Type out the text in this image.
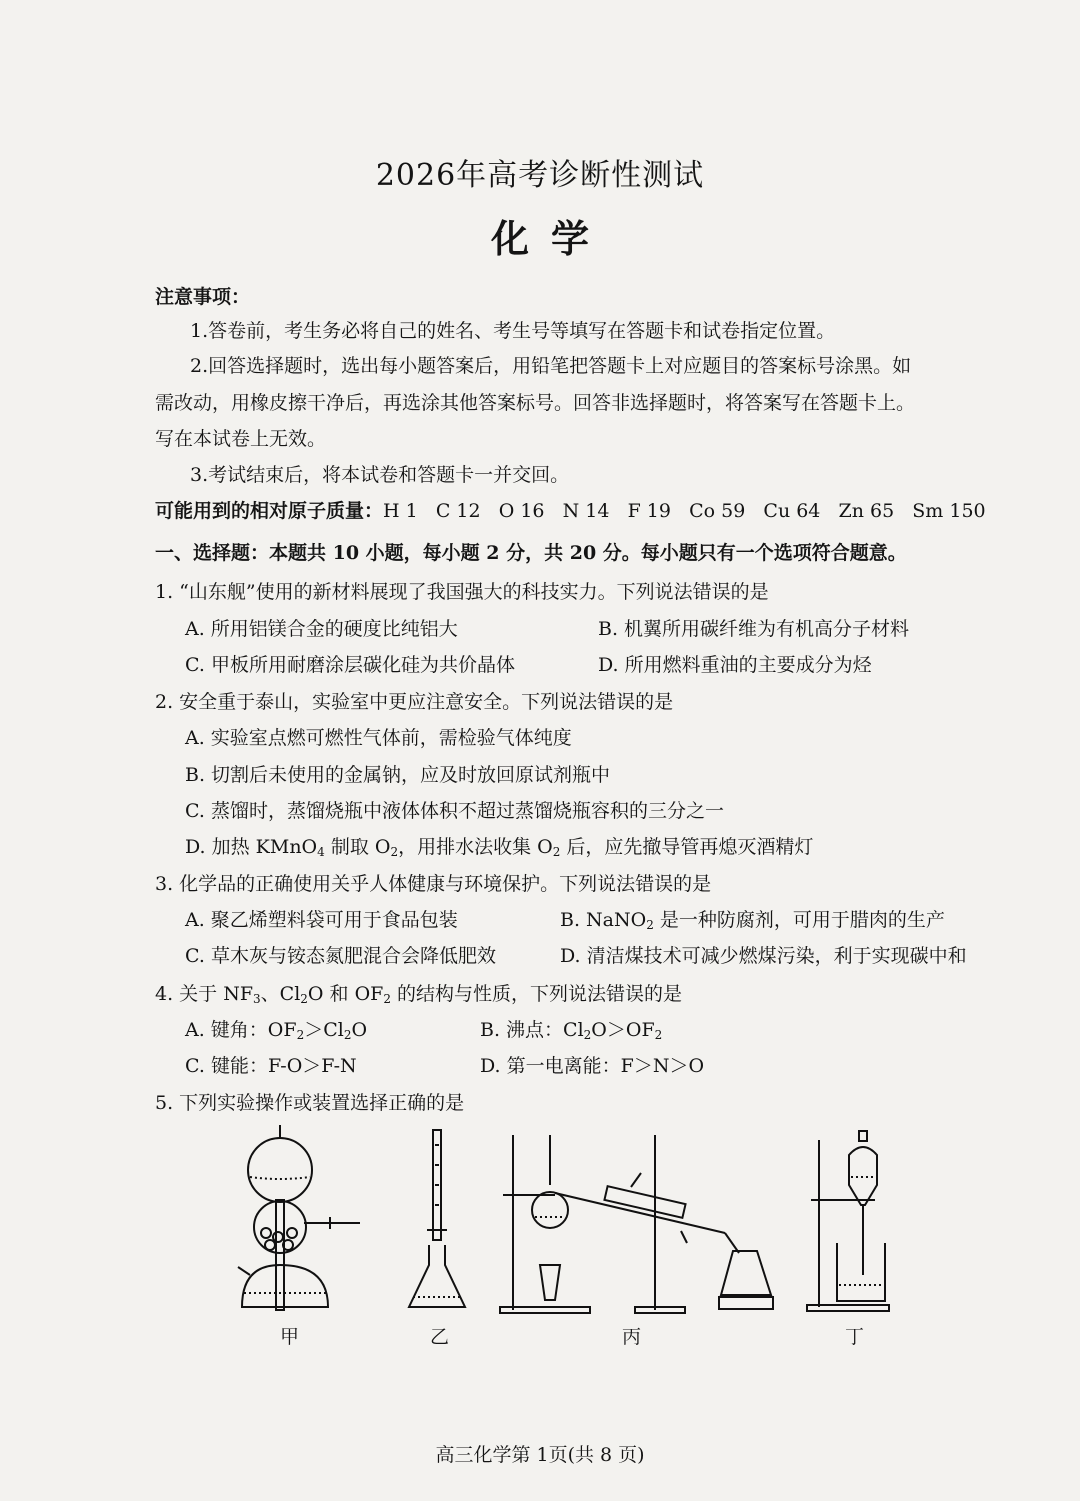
2026年高考诊断性测试
化学
注意事项：
1.答卷前，考生务必将自己的姓名、考生号等填写在答题卡和试卷指定位置。
2.回答选择题时，选出每小题答案后，用铅笔把答题卡上对应题目的答案标号涂黑。如
需改动，用橡皮擦干净后，再选涂其他答案标号。回答非选择题时，将答案写在答题卡上。
写在本试卷上无效。
3.考试结束后，将本试卷和答题卡一并交回。
可能用到的相对原子质量：H 1   C 12   O 16   N 14   F 19   Co 59   Cu 64   Zn 65   Sm 150
一、选择题：本题共 10 小题，每小题 2 分，共 20 分。每小题只有一个选项符合题意。
1. “山东舰”使用的新材料展现了我国强大的科技实力。下列说法错误的是
A. 所用铝镁合金的硬度比纯铝大	B. 机翼所用碳纤维为有机高分子材料
C. 甲板所用耐磨涂层碳化硅为共价晶体	D. 所用燃料重油的主要成分为烃
2. 安全重于泰山，实验室中更应注意安全。下列说法错误的是
A. 实验室点燃可燃性气体前，需检验气体纯度
B. 切割后未使用的金属钠，应及时放回原试剂瓶中
C. 蒸馏时，蒸馏烧瓶中液体体积不超过蒸馏烧瓶容积的三分之一
D. 加热 KMnO$_4$ 制取 $O_2$，用排水法收集 $O_2$ 后，应先撤导管再熄灭酒精灯
3. 化学品的正确使用关乎人体健康与环境保护。下列说法错误的是
A. 聚乙烯塑料袋可用于食品包装	B. NaNO$_2$ 是一种防腐剂，可用于腊肉的生产
C. 草木灰与铵态氮肥混合会降低肥效	D. 清洁煤技术可减少燃煤污染，利于实现碳中和
4. 关于 $NF_3$、$Cl_2O$ 和 $OF_2$ 的结构与性质，下列说法错误的是
A. 键角：$OF_2>Cl_2O$	B. 沸点：$Cl_2O>OF_2$
C. 键能：F-O＞F-N	D. 第一电离能：F＞N＞O
5. 下列实验操作或装置选择正确的是
甲	乙	丙	丁
高三化学第 1页(共 8 页)
